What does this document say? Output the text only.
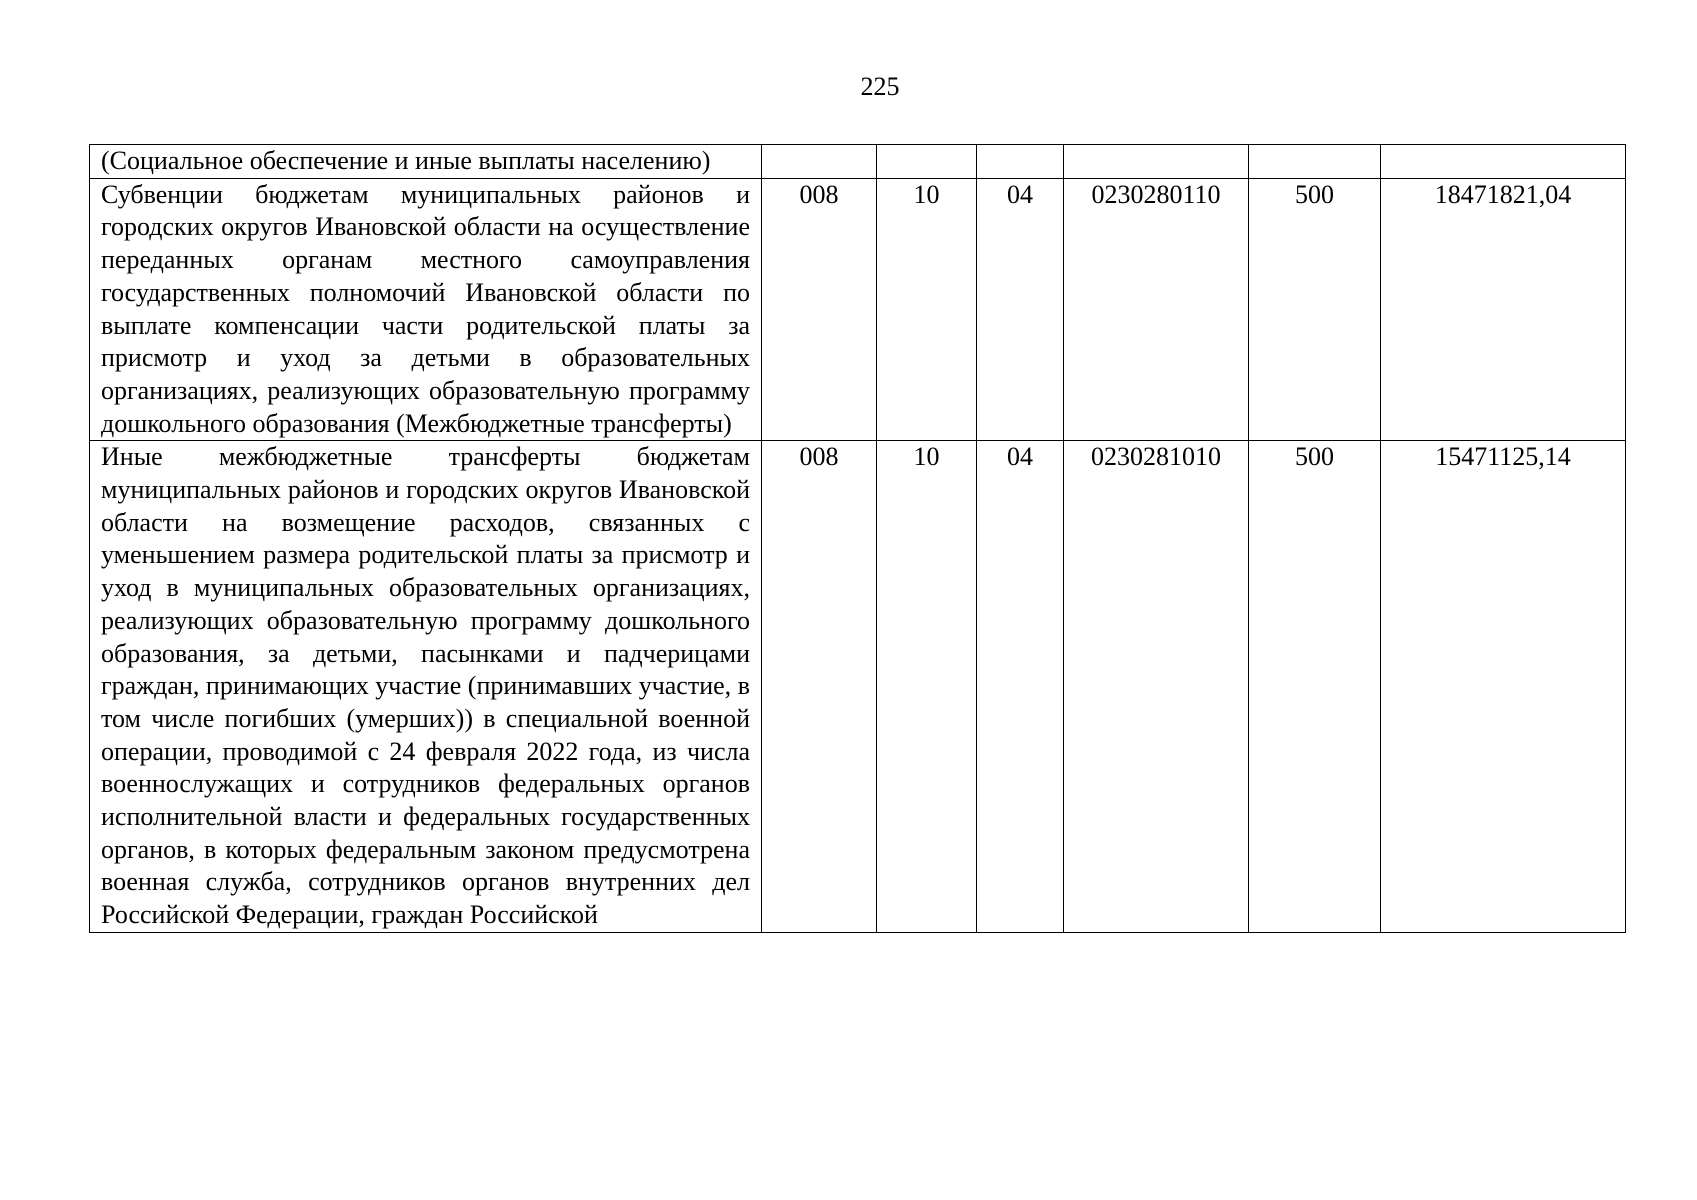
225
(Социальное обеспечение и иные выплаты населению)						
Субвенции бюджетам муниципальных районов и городских округов Ивановской области на осуществление переданных органам местного самоуправления государственных полномочий Ивановской области по выплате компенсации части родительской платы за присмотр и уход за детьми в образовательных организациях, реализующих образовательную программу дошкольного образования (Межбюджетные трансферты)	008	10	04	0230280110	500	18471821,04
Иные межбюджетные трансферты бюджетам муниципальных районов и городских округов Ивановской области на возмещение расходов, связанных с уменьшением размера родительской платы за присмотр и уход в муниципальных образовательных организациях, реализующих образовательную программу дошкольного образования, за детьми, пасынками и падчерицами граждан, принимающих участие (принимавших участие, в том числе погибших (умерших)) в специальной военной операции, проводимой с 24 февраля 2022 года, из числа военнослужащих и сотрудников федеральных органов исполнительной власти и федеральных государственных органов, в которых федеральным законом предусмотрена военная служба, сотрудников органов внутренних дел Российской Федерации, граждан Российской	008	10	04	0230281010	500	15471125,14
